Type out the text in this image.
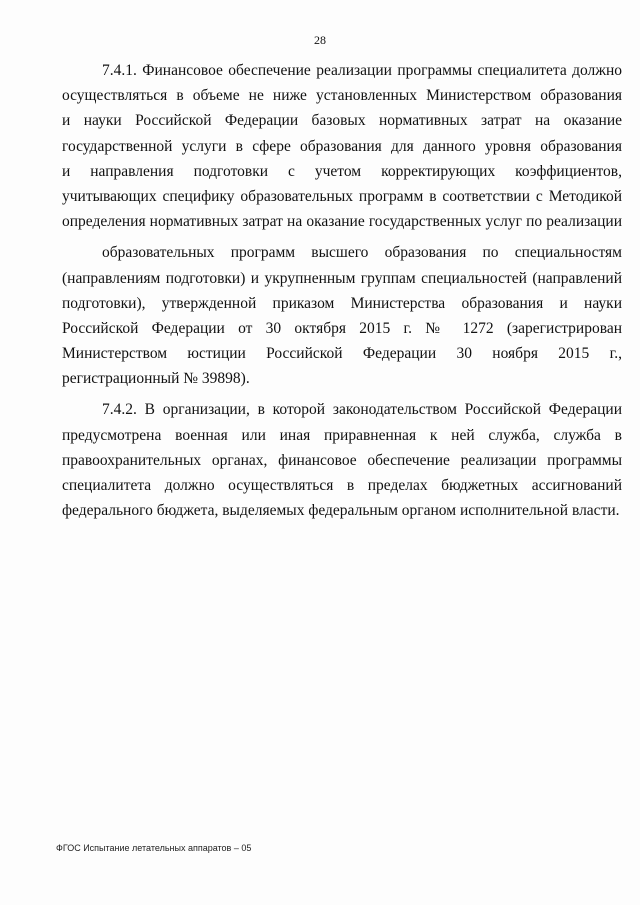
28
7.4.1. Финансовое обеспечение реализации программы специалитета должно
осуществляться в объеме не ниже установленных Министерством образования
и науки Российской Федерации базовых нормативных затрат на оказание
государственной услуги в сфере образования для данного уровня образования
и направления подготовки с учетом корректирующих коэффициентов,
учитывающих специфику образовательных программ в соответствии с Методикой
определения нормативных затрат на оказание государственных услуг по реализации
образовательных программ высшего образования по специальностям
(направлениям подготовки) и укрупненным группам специальностей (направлений
подготовки), утвержденной приказом Министерства образования и науки
Российской Федерации от 30 октября 2015 г. № 1272 (зарегистрирован
Министерством юстиции Российской Федерации 30 ноября 2015 г.,
регистрационный № 39898).
7.4.2. В организации, в которой законодательством Российской Федерации
предусмотрена военная или иная приравненная к ней служба, служба в
правоохранительных органах, финансовое обеспечение реализации программы
специалитета должно осуществляться в пределах бюджетных ассигнований
федерального бюджета, выделяемых федеральным органом исполнительной власти.
ФГОС Испытание летательных аппаратов – 05
